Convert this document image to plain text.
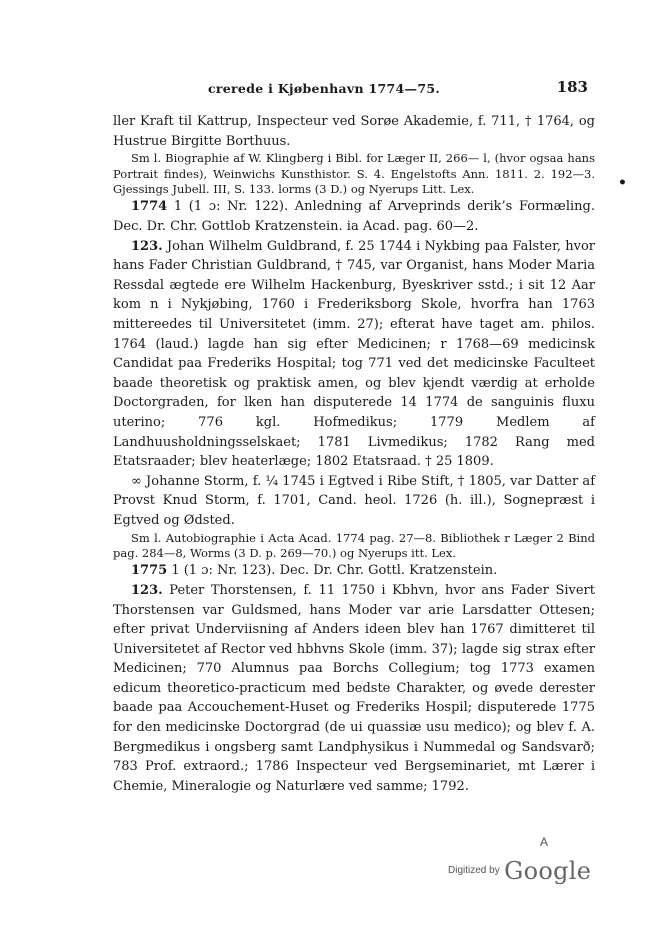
crerede i Kjøbenhavn 1774—75.	183
•

ller Kraft til Kattrup, Inspecteur ved Sorøe Akademie, f. 711, † 1764, og Hustrue Birgitte Borthuus.

Sm l. Biographie af W. Klingberg i Bibl. for Læger II, 266— l, (hvor ogsaa hans Portrait findes), Weinwichs Kunsthistor. S. 4. Engelstofts Ann. 1811. 2. 192—3. Gjessings Jubell. III, S. 133. lorms (3 D.) og Nyerups Litt. Lex.

1774 1 (1 ɔ: Nr. 122). Anledning af Arveprinds derik’s Formæling. Dec. Dr. Chr. Gottlob Kratzenstein. ia Acad. pag. 60—2.

123. Johan Wilhelm Guldbrand, f. 25 1744 i Nykbing paa Falster, hvor hans Fader Christian Guldbrand, † 745, var Organist, hans Moder Maria Ressdal ægtede ere Wilhelm Hackenburg, Byeskriver sstd.; i sit 12 Aar kom n i Nykjøbing, 1760 i Frederiksborg Skole, hvorfra han 1763 mittereedes til Universitetet (imm. 27); efterat have taget am. philos. 1764 (laud.) lagde han sig efter Medicinen; r 1768—69 medicinsk Candidat paa Frederiks Hospital; tog 771 ved det medicinske Faculteet baade theoretisk og praktisk amen, og blev kjendt værdig at erholde Doctorgraden, for lken han disputerede 14 1774 de sanguinis fluxu uterino; 776 kgl. Hofmedikus; 1779 Medlem af Landhuusholdningsselskaet; 1781 Livmedikus; 1782 Rang med Etatsraader; blev heaterlæge; 1802 Etatsraad. † 25 1809.

∞ Johanne Storm, f. ¼ 1745 i Egtved i Ribe Stift, † 1805, var Datter af Provst Knud Storm, f. 1701, Cand. heol. 1726 (h. ill.), Sognepræst i Egtved og Ødsted.

Sm l. Autobiographie i Acta Acad. 1774 pag. 27—8. Bibliothek r Læger 2 Bind pag. 284—8, Worms (3 D. p. 269—70.) og Nyerups itt. Lex.

1775 1 (1 ɔ: Nr. 123). Dec. Dr. Chr. Gottl. Kratzenstein.

123. Peter Thorstensen, f. 11 1750 i Kbhvn, hvor ans Fader Sivert Thorstensen var Guldsmed, hans Moder var arie Larsdatter Ottesen; efter privat Underviisning af Anders ideen blev han 1767 dimitteret til Universitetet af Rector ved hbhvns Skole (imm. 37); lagde sig strax efter Medicinen; 770 Alumnus paa Borchs Collegium; tog 1773 examen edicum theoretico-practicum med bedste Charakter, og øvede derester baade paa Accouchement-Huset og Frederiks Hospil; disputerede 1775 for den medicinske Doctorgrad (de ui quassiæ usu medico); og blev f. A. Bergmedikus i ongsberg samt Landphysikus i Nummedal og Sandsvarð; 783 Prof. extraord.; 1786 Inspecteur ved Bergseminariet, mt Lærer i Chemie, Mineralogie og Naturlære ved samme; 1792.

A
$^{Digitized by}$ Google
